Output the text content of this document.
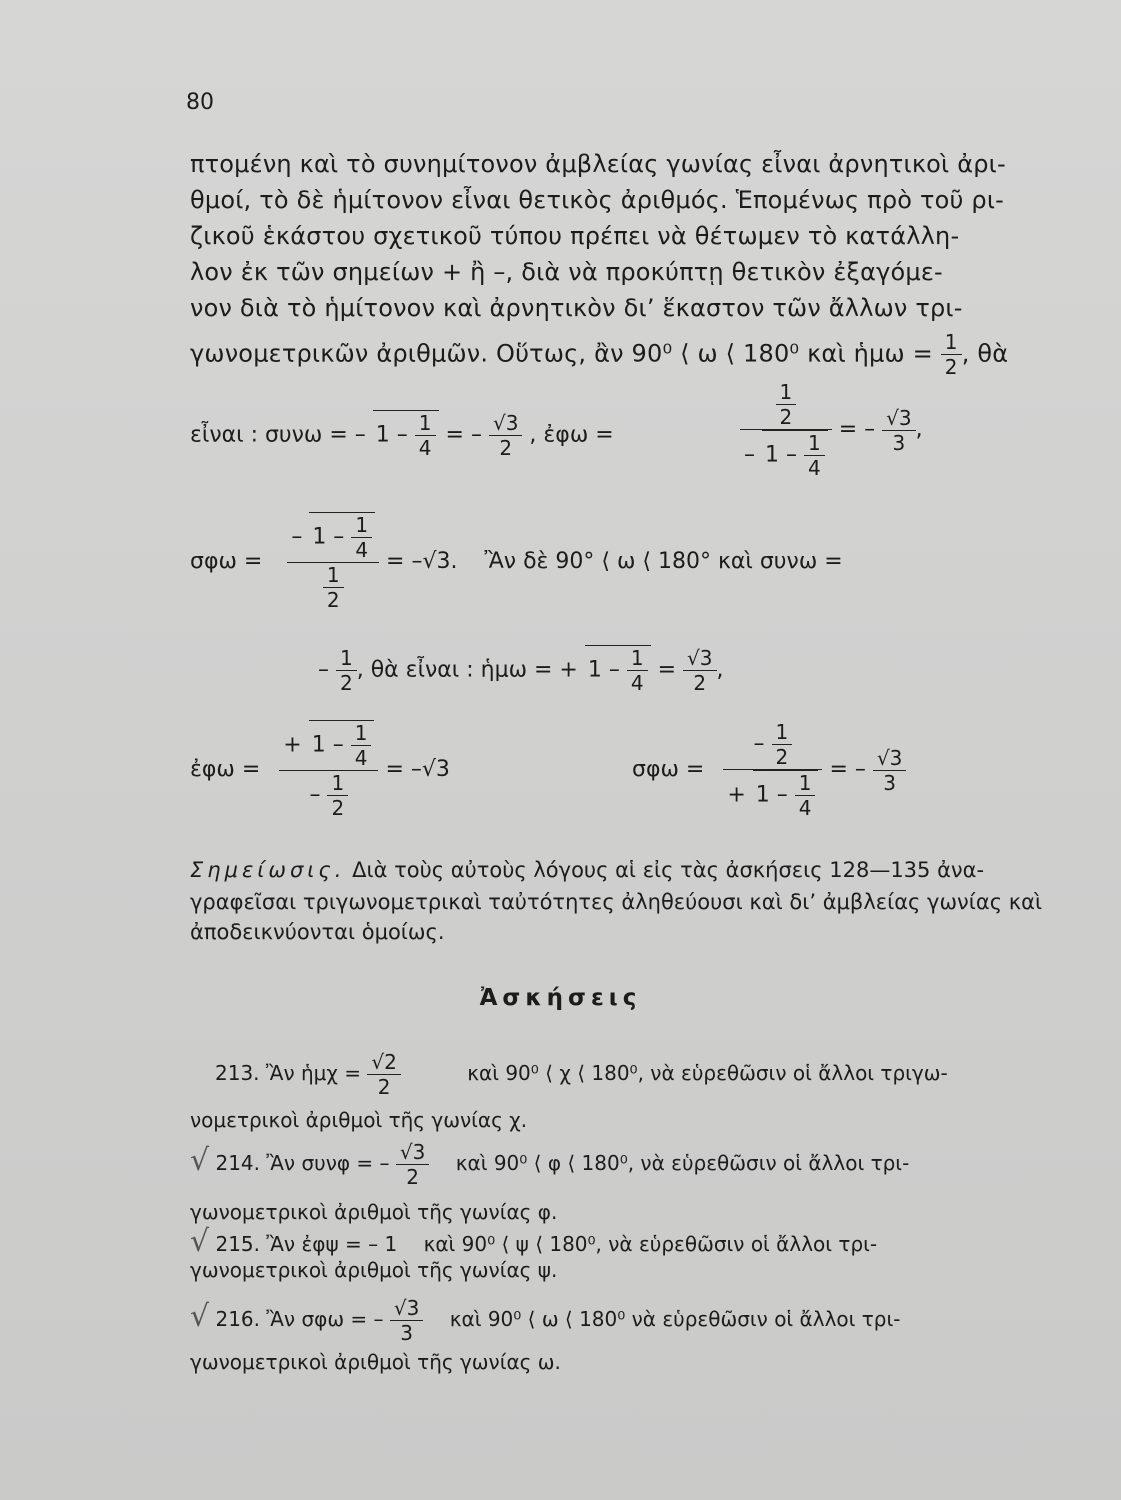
80
πτομένη καὶ τὸ συνημίτονον ἀμβλείας γωνίας εἶναι ἀρνητικοὶ ἀρι-
θμοί, τὸ δὲ ἡμίτονον εἶναι θετικὸς ἀριθμός. Ἑπομένως πρὸ τοῦ ρι-
ζικοῦ ἑκάστου σχετικοῦ τύπου πρέπει νὰ θέτωμεν τὸ κατάλλη-
λον ἐκ τῶν σημείων + ἢ –, διὰ νὰ προκύπτῃ θετικὸν ἐξαγόμε-
νον διὰ τὸ ἡμίτονον καὶ ἀρνητικὸν δι’ ἕκαστον τῶν ἄλλων τρι-
γωνομετρικῶν ἀριθμῶν. Οὕτως, ἂν 90⁰ ⟨ ω ⟨ 180⁰ καὶ ἡμω = $\frac{1}{2}$ , θὰ
εἶναι : συνω = – $1 - \frac{1}{4}$ = – $\frac{√3}{2}$ , ἐφω =
$\frac{1}{2}$
– $1 - \frac{1}{4}$
= – $\frac{√3}{3}$ ,
σφω =
– $1 - \frac{1}{4}$
$\frac{1}{2}$
= –√3. Ἂν δὲ 90° ⟨ ω ⟨ 180° καὶ συνω =
– $\frac{1}{2}$ , θὰ εἶναι : ἡμω = + $1 - \frac{1}{4} = \frac{√3}{2}$ ,
ἐφω =
+ $1 - \frac{1}{4}$
– $\frac{1}{2}$
= –√3	σφω =
– $\frac{1}{2}$
+ $1 - \frac{1}{4}$
= – $\frac{√3}{3}$
Σημείωσις. Διὰ τοὺς αὐτοὺς λόγους αἱ εἰς τὰς ἀσκήσεις 128—135 ἀνα-
γραφεῖσαι τριγωνομετρικαὶ ταὐτότητες ἀληθεύουσι καὶ δι’ ἀμβλείας γωνίας καὶ
ἀποδεικνύονται ὁμοίως.
Ἀσκήσεις
213. Ἂν ἡμχ = $\frac{√2}{2}$	καὶ 90⁰ ⟨ χ ⟨ 180⁰, νὰ εὑρεθῶσιν οἱ ἄλλοι τριγω-
νομετρικοὶ ἀριθμοὶ τῆς γωνίας χ.
√ 214. Ἂν συνφ = – $\frac{√3}{2}$ καὶ 90⁰ ⟨ φ ⟨ 180⁰, νὰ εὑρεθῶσιν οἱ ἄλλοι τρι-
γωνομετρικοὶ ἀριθμοὶ τῆς γωνίας φ.
√ 215. Ἂν ἐφψ = – 1 καὶ 90⁰ ⟨ ψ ⟨ 180⁰, νὰ εὑρεθῶσιν οἱ ἄλλοι τρι-
γωνομετρικοὶ ἀριθμοὶ τῆς γωνίας ψ.
√ 216. Ἂν σφω = – $\frac{√3}{3}$ καὶ 90⁰ ⟨ ω ⟨ 180⁰ νὰ εὑρεθῶσιν οἱ ἄλλοι τρι-
γωνομετρικοὶ ἀριθμοὶ τῆς γωνίας ω.
